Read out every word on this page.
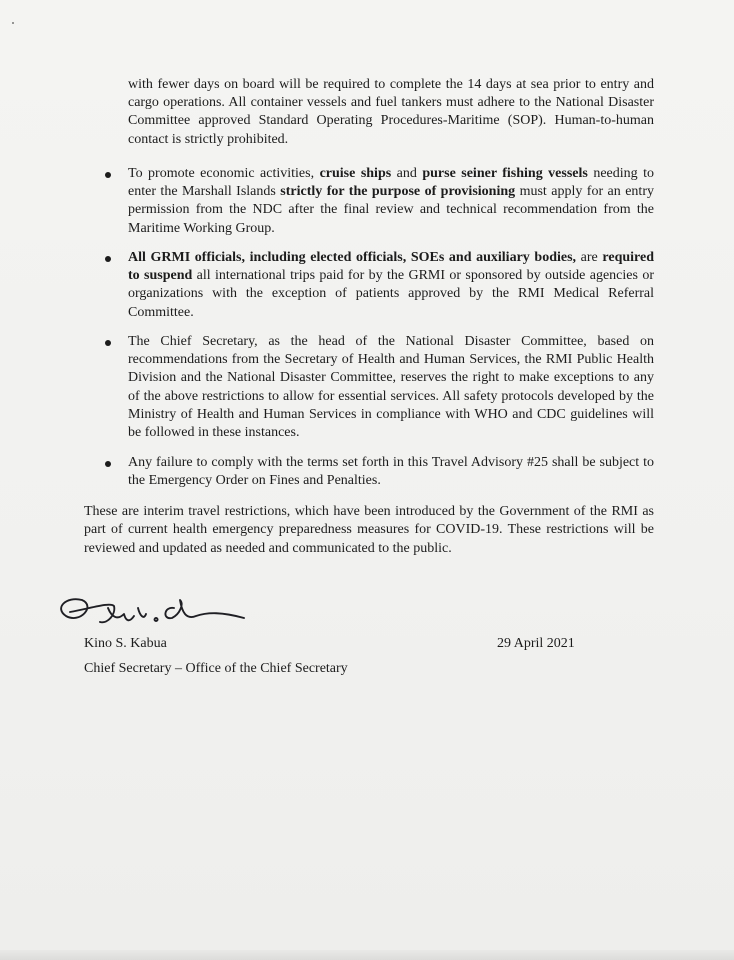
with fewer days on board will be required to complete the 14 days at sea prior to entry and cargo operations. All container vessels and fuel tankers must adhere to the National Disaster Committee approved Standard Operating Procedures-Maritime (SOP). Human-to-human contact is strictly prohibited.

To promote economic activities, cruise ships and purse seiner fishing vessels needing to enter the Marshall Islands strictly for the purpose of provisioning must apply for an entry permission from the NDC after the final review and technical recommendation from the Maritime Working Group.

All GRMI officials, including elected officials, SOEs and auxiliary bodies, are required to suspend all international trips paid for by the GRMI or sponsored by outside agencies or organizations with the exception of patients approved by the RMI Medical Referral Committee.

The Chief Secretary, as the head of the National Disaster Committee, based on recommendations from the Secretary of Health and Human Services, the RMI Public Health Division and the National Disaster Committee, reserves the right to make exceptions to any of the above restrictions to allow for essential services. All safety protocols developed by the Ministry of Health and Human Services in compliance with WHO and CDC guidelines will be followed in these instances.

Any failure to comply with the terms set forth in this Travel Advisory #25 shall be subject to the Emergency Order on Fines and Penalties.

These are interim travel restrictions, which have been introduced by the Government of the RMI as part of current health emergency preparedness measures for COVID-19. These restrictions will be reviewed and updated as needed and communicated to the public.

Kino S. Kabua
Chief Secretary – Office of the Chief Secretary
29 April 2021
